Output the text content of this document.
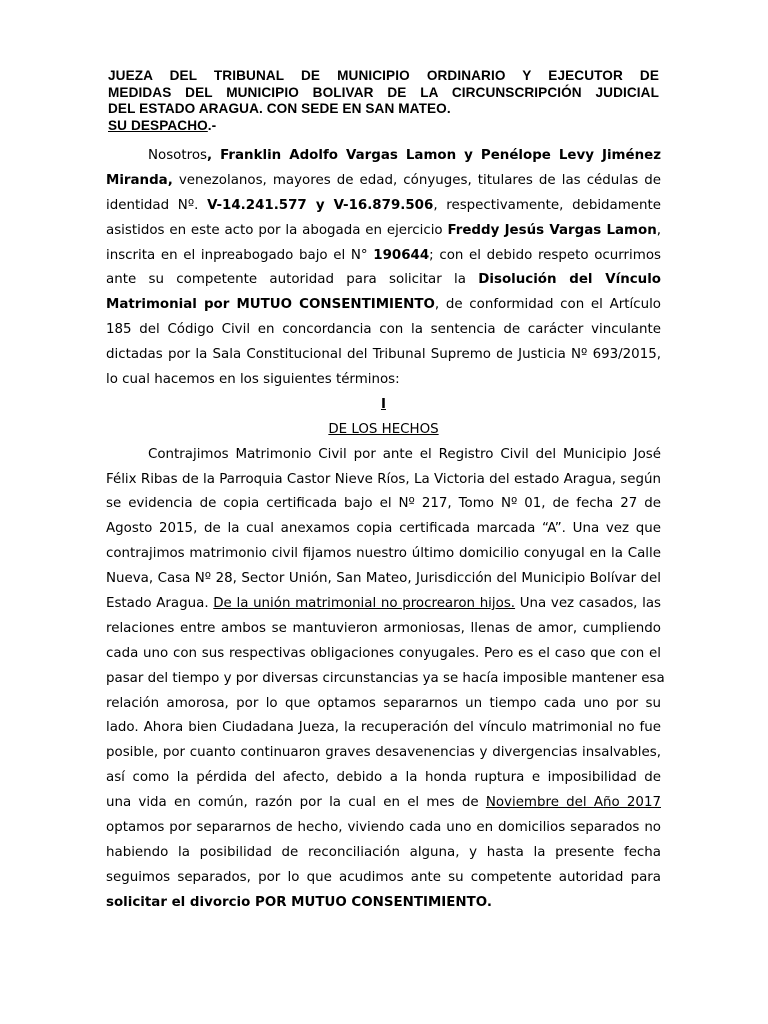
JUEZA DEL TRIBUNAL DE MUNICIPIO ORDINARIO Y EJECUTOR DE
MEDIDAS DEL MUNICIPIO BOLIVAR DE LA CIRCUNSCRIPCIÓN JUDICIAL
DEL ESTADO ARAGUA. CON SEDE EN SAN MATEO.
SU DESPACHO.-
Nosotros, Franklin Adolfo Vargas Lamon y Penélope Levy Jiménez
Miranda, venezolanos, mayores de edad, cónyuges, titulares de las cédulas de
identidad Nº. V-14.241.577 y V-16.879.506, respectivamente, debidamente
asistidos en este acto por la abogada en ejercicio Freddy Jesús Vargas Lamon,
inscrita en el inpreabogado bajo el N° 190644; con el debido respeto ocurrimos
ante su competente autoridad para solicitar la Disolución del Vínculo
Matrimonial por MUTUO CONSENTIMIENTO, de conformidad con el Artículo
185 del Código Civil en concordancia con la sentencia de carácter vinculante
dictadas por la Sala Constitucional del Tribunal Supremo de Justicia Nº 693/2015,
lo cual hacemos en los siguientes términos:
I
DE LOS HECHOS
Contrajimos Matrimonio Civil por ante el Registro Civil del Municipio José
Félix Ribas de la Parroquia Castor Nieve Ríos, La Victoria del estado Aragua, según
se evidencia de copia certificada bajo el Nº 217, Tomo Nº 01, de fecha 27 de
Agosto 2015, de la cual anexamos copia certificada marcada “A”. Una vez que
contrajimos matrimonio civil fijamos nuestro último domicilio conyugal en la Calle
Nueva, Casa Nº 28, Sector Unión, San Mateo, Jurisdicción del Municipio Bolívar del
Estado Aragua. De la unión matrimonial no procrearon hijos. Una vez casados, las
relaciones entre ambos se mantuvieron armoniosas, llenas de amor, cumpliendo
cada uno con sus respectivas obligaciones conyugales. Pero es el caso que con el
pasar del tiempo y por diversas circunstancias ya se hacía imposible mantener esa
relación amorosa, por lo que optamos separarnos un tiempo cada uno por su
lado. Ahora bien Ciudadana Jueza, la recuperación del vínculo matrimonial no fue
posible, por cuanto continuaron graves desavenencias y divergencias insalvables,
así como la pérdida del afecto, debido a la honda ruptura e imposibilidad de
una vida en común, razón por la cual en el mes de Noviembre del Año 2017
optamos por separarnos de hecho, viviendo cada uno en domicilios separados no
habiendo la posibilidad de reconciliación alguna, y hasta la presente fecha
seguimos separados, por lo que acudimos ante su competente autoridad para
solicitar el divorcio POR MUTUO CONSENTIMIENTO.
